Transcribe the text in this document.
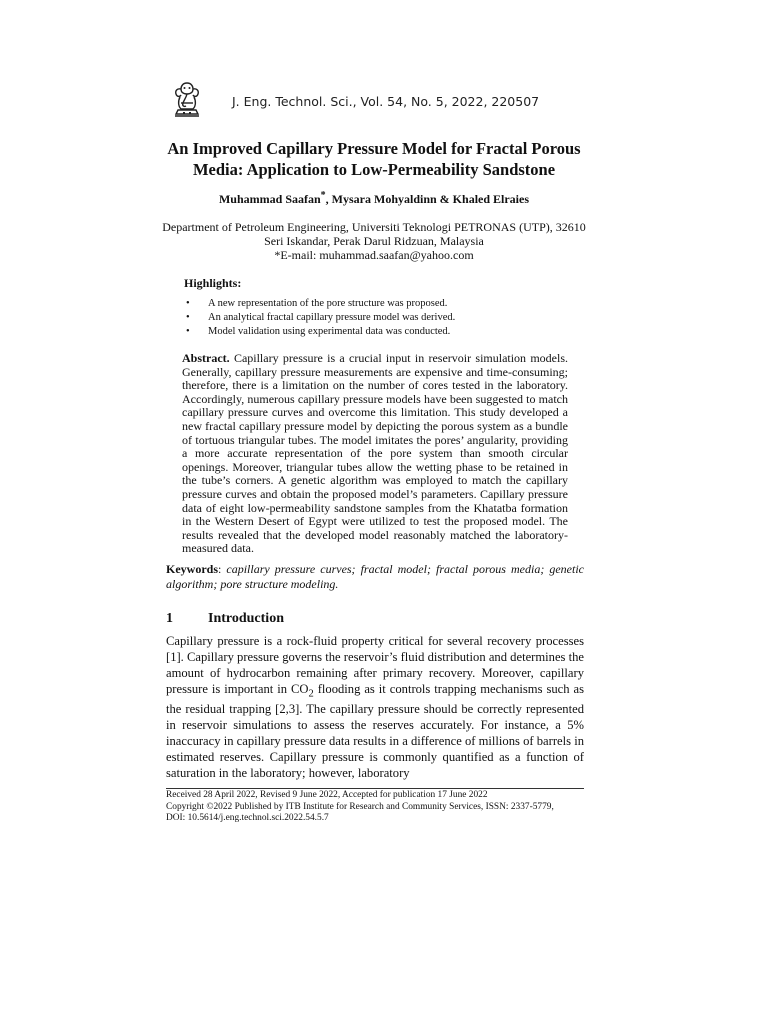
J. Eng. Technol. Sci., Vol. 54, No. 5, 2022, 220507
An Improved Capillary Pressure Model for Fractal Porous
Media: Application to Low-Permeability Sandstone
Muhammad Saafan*, Mysara Mohyaldinn & Khaled Elraies
Department of Petroleum Engineering, Universiti Teknologi PETRONAS (UTP), 32610
Seri Iskandar, Perak Darul Ridzuan, Malaysia
*E-mail: muhammad.saafan@yahoo.com
Highlights:
• A new representation of the pore structure was proposed.
• An analytical fractal capillary pressure model was derived.
• Model validation using experimental data was conducted.

Abstract. Capillary pressure is a crucial input in reservoir simulation models. Generally, capillary pressure measurements are expensive and time-consuming; therefore, there is a limitation on the number of cores tested in the laboratory. Accordingly, numerous capillary pressure models have been suggested to match capillary pressure curves and overcome this limitation. This study developed a new fractal capillary pressure model by depicting the porous system as a bundle of tortuous triangular tubes. The model imitates the pores’ angularity, providing a more accurate representation of the pore system than smooth circular openings. Moreover, triangular tubes allow the wetting phase to be retained in the tube’s corners. A genetic algorithm was employed to match the capillary pressure curves and obtain the proposed model’s parameters. Capillary pressure data of eight low-permeability sandstone samples from the Khatatba formation in the Western Desert of Egypt were utilized to test the proposed model. The results revealed that the developed model reasonably matched the laboratory-measured data.

Keywords: capillary pressure curves; fractal model; fractal porous media; genetic algorithm; pore structure modeling.

1	Introduction

Capillary pressure is a rock-fluid property critical for several recovery processes [1]. Capillary pressure governs the reservoir’s fluid distribution and determines the amount of hydrocarbon remaining after primary recovery. Moreover, capillary pressure is important in $CO_2$ flooding as it controls trapping mechanisms such as the residual trapping [2,3]. The capillary pressure should be correctly represented in reservoir simulations to assess the reserves accurately. For instance, a 5% inaccuracy in capillary pressure data results in a difference of millions of barrels in estimated reserves. Capillary pressure is commonly quantified as a function of saturation in the laboratory; however, laboratory

Received 28 April 2022, Revised 9 June 2022, Accepted for publication 17 June 2022
Copyright ©2022 Published by ITB Institute for Research and Community Services, ISSN: 2337-5779,
DOI: 10.5614/j.eng.technol.sci.2022.54.5.7
